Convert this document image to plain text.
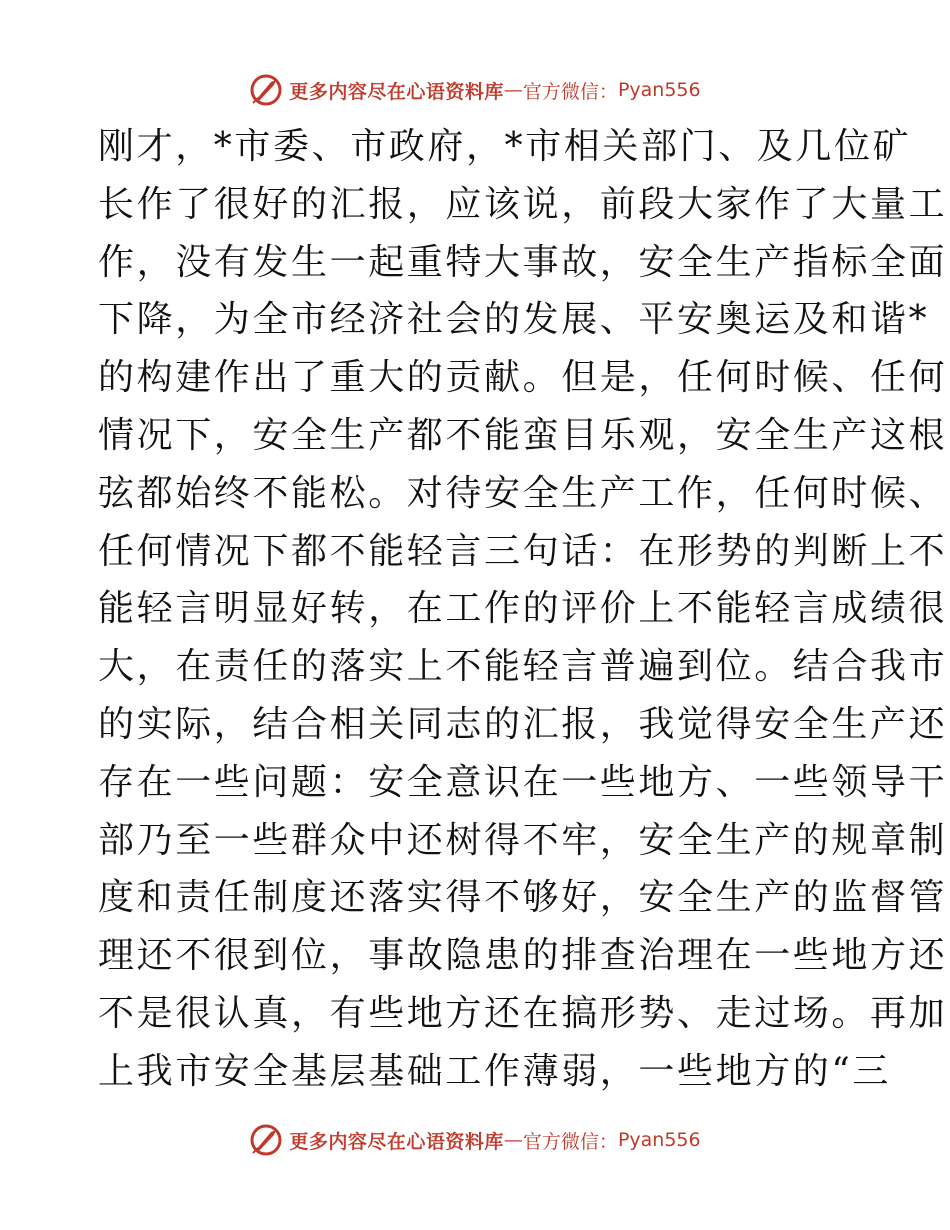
更多内容尽在心语资料库 — 官方微信： Pyan556
刚才，*市委、市政府，*市相关部门、及几位矿
长作了很好的汇报，应该说，前段大家作了大量工
作，没有发生一起重特大事故，安全生产指标全面
下降，为全市经济社会的发展、平安奥运及和谐*
的构建作出了重大的贡献。但是，任何时候、任何
情况下，安全生产都不能蛮目乐观，安全生产这根
弦都始终不能松。对待安全生产工作，任何时候、
任何情况下都不能轻言三句话：在形势的判断上不
能轻言明显好转，在工作的评价上不能轻言成绩很
大，在责任的落实上不能轻言普遍到位。结合我市
的实际，结合相关同志的汇报，我觉得安全生产还
存在一些问题：安全意识在一些地方、一些领导干
部乃至一些群众中还树得不牢，安全生产的规章制
度和责任制度还落实得不够好，安全生产的监督管
理还不很到位，事故隐患的排查治理在一些地方还
不是很认真，有些地方还在搞形势、走过场。再加
上我市安全基层基础工作薄弱，一些地方的“三
更多内容尽在心语资料库 — 官方微信： Pyan556
